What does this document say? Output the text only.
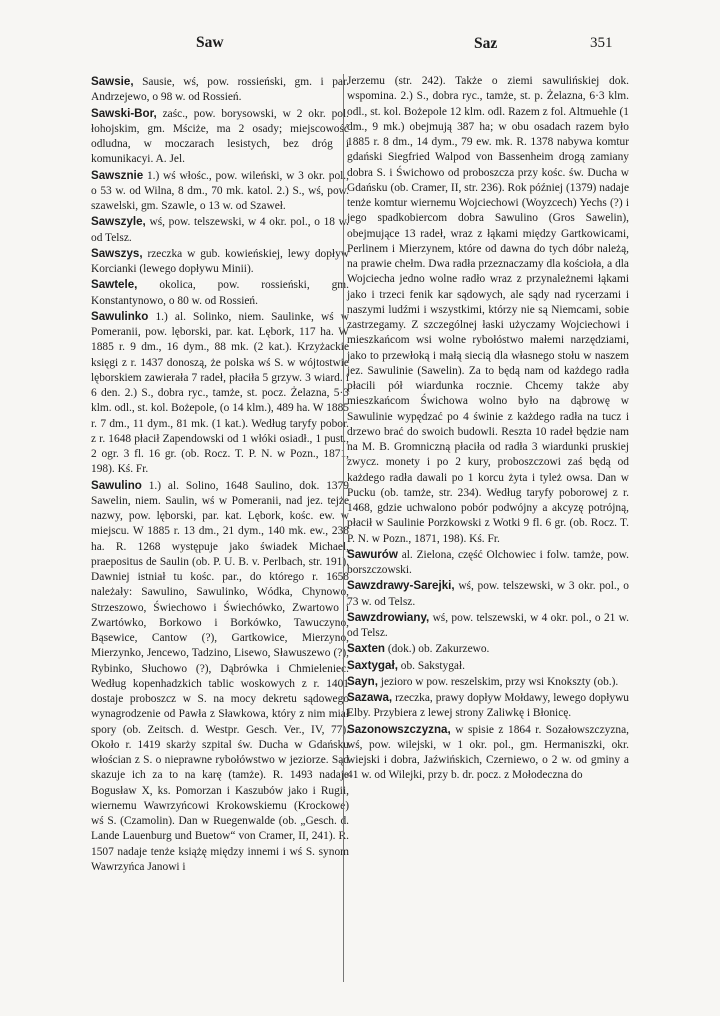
Saw	Saz	351

Sawsie, Sausie, wś, pow. rossieński, gm. i par. Andrzejewo, o 98 w. od Rossień.

Sawski-Bor, zaśc., pow. borysowski, w 2 okr. pol. łohojskim, gm. Mściże, ma 2 osady; miejscowość odludna, w moczarach lesistych, bez dróg i komunikacyi. A. Jel.

Sawsznie 1.) wś włośc., pow. wileński, w 3 okr. pol., o 53 w. od Wilna, 8 dm., 70 mk. katol. 2.) S., wś, pow. szawelski, gm. Szawle, o 13 w. od Szaweł.

Sawszyle, wś, pow. telszewski, w 4 okr. pol., o 18 w. od Telsz.

Sawszys, rzeczka w gub. kowieńskiej, lewy dopływ Korcianki (lewego dopływu Minii).

Sawtele, okolica, pow. rossieński, gm. Konstantynowo, o 80 w. od Rossień.

Sawulinko 1.) al. Solinko, niem. Saulinke, wś w Pomeranii, pow. lęborski, par. kat. Lębork, 117 ha. W 1885 r. 9 dm., 16 dym., 88 mk. (2 kat.). Krzyżackie księgi z r. 1437 donoszą, że polska wś S. w wójtostwie lęborskiem zawierała 7 radeł, płaciła 5 grzyw. 3 wiard. i 6 den. 2.) S., dobra ryc., tamże, st. pocz. Żelazna, 5·3 klm. odl., st. kol. Bożepole, (o 14 klm.), 489 ha. W 1885 r. 7 dm., 11 dym., 81 mk. (1 kat.). Według taryfy pobor. z r. 1648 płacił Zapendowski od 1 włóki osiadł., 1 pust., 2 ogr. 3 fl. 16 gr. (ob. Rocz. T. P. N. w Pozn., 1871, 198). Kś. Fr.

Sawulino 1.) al. Solino, 1648 Saulino, dok. 1379 Sawelin, niem. Saulin, wś w Pomeranii, nad jez. tejże nazwy, pow. lęborski, par. kat. Lębork, kośc. ew. w miejscu. W 1885 r. 13 dm., 21 dym., 140 mk. ew., 238 ha. R. 1268 występuje jako świadek Michael, praepositus de Saulin (ob. P. U. B. v. Perlbach, str. 191). Dawniej istniał tu kośc. par., do którego r. 1658 należały: Sawulino, Sawulinko, Wódka, Chynowo, Strzeszowo, Świechowo i Świechówko, Zwartowo i Zwartówko, Borkowo i Borkówko, Tawuczyno, Bąsewice, Cantow (?), Gartkowice, Mierzyno, Mierzynko, Jencewo, Tadzino, Lisewo, Sławuszewo (?), Rybinko, Słuchowo (?), Dąbrówka i Chmieleniec. Według kopenhadzkich tablic woskowych z r. 1401 dostaje proboszcz w S. na mocy dekretu sądowego wynagrodzenie od Pawła z Sławkowa, który z nim miał spory (ob. Zeitsch. d. Westpr. Gesch. Ver., IV, 77). Około r. 1419 skarży szpital św. Ducha w Gdańsku włościan z S. o nieprawne rybołówstwo w jeziorze. Sąd skazuje ich za to na karę (tamże). R. 1493 nadaje Bogusław X, ks. Pomorzan i Kaszubów jako i Rugii, wiernemu Wawrzyńcowi Krokowskiemu (Krockowe) wś S. (Czamolin). Dan w Ruegenwalde (ob. „Gesch. d. Lande Lauenburg und Buetow“ von Cramer, II, 241). R. 1507 nadaje tenże książę między innemi i wś S. synom Wawrzyńca Janowi i

Jerzemu (str. 242). Także o ziemi sawulińskiej dok. wspomina. 2.) S., dobra ryc., tamże, st. p. Żelazna, 6·3 klm. odl., st. kol. Bożepole 12 klm. odl. Razem z fol. Altmuehle (1 dm., 9 mk.) obejmują 387 ha; w obu osadach razem było 1885 r. 8 dm., 14 dym., 79 ew. mk. R. 1378 nabywa komtur gdański Siegfried Walpod von Bassenheim drogą zamiany dobra S. i Świchowo od proboszcza przy kośc. św. Ducha w Gdańsku (ob. Cramer, II, str. 236). Rok później (1379) nadaje tenże komtur wiernemu Wojciechowi (Woyzcech) Yechs (?) i jego spadkobiercom dobra Sawulino (Gros Sawelin), obejmujące 13 radeł, wraz z łąkami między Gartkowicami, Perlinem i Mierzynem, które od dawna do tych dóbr należą, na prawie chełm. Dwa radła przeznaczamy dla kościoła, a dla Wojciecha jedno wolne radło wraz z przynależnemi łąkami jako i trzeci fenik kar sądowych, ale sądy nad rycerzami i naszymi ludźmi i wszystkimi, którzy nie są Niemcami, sobie zastrzegamy. Z szczególnej łaski użyczamy Wojciechowi i mieszkańcom wsi wolne rybołóstwo małemi narzędziami, jako to przewłoką i małą siecią dla własnego stołu w naszem jez. Sawulinie (Sawelin). Za to będą nam od każdego radła płacili pół wiardunka rocznie. Chcemy także aby mieszkańcom Świchowa wolno było na dąbrowę w Sawulinie wypędzać po 4 świnie z każdego radła na tucz i drzewo brać do swoich budowli. Reszta 10 radeł będzie nam na M. B. Gromniczną płaciła od radła 3 wiardunki pruskiej zwycz. monety i po 2 kury, proboszczowi zaś będą od każdego radła dawali po 1 korcu żyta i tyleż owsa. Dan w Pucku (ob. tamże, str. 234). Według taryfy poborowej z r. 1468, gdzie uchwalono pobór podwójny a akcyzę potrójną, płacił w Saulinie Porzkowski z Wotki 9 fl. 6 gr. (ob. Rocz. T. P. N. w Pozn., 1871, 198). Kś. Fr.

Sawurów al. Zielona, część Olchowiec i folw. tamże, pow. borszczowski.

Sawzdrawy-Sarejki, wś, pow. telszewski, w 3 okr. pol., o 73 w. od Telsz.

Sawzdrowiany, wś, pow. telszewski, w 4 okr. pol., o 21 w. od Telsz.

Saxten (dok.) ob. Zakurzewo.

Saxtygał, ob. Sakstygał.

Sayn, jezioro w pow. reszelskim, przy wsi Knokszty (ob.).

Sazawa, rzeczka, prawy dopływ Mołdawy, lewego dopływu Elby. Przybiera z lewej strony Zaliwkę i Błonicę.

Sazonowszczyzna, w spisie z 1864 r. Sozałowszczyzna, wś, pow. wilejski, w 1 okr. pol., gm. Hermaniszki, okr. wiejski i dobra, Jaźwińskich, Czerniewo, o 2 w. od gminy a 41 w. od Wilejki, przy b. dr. pocz. z Mołodeczna do
